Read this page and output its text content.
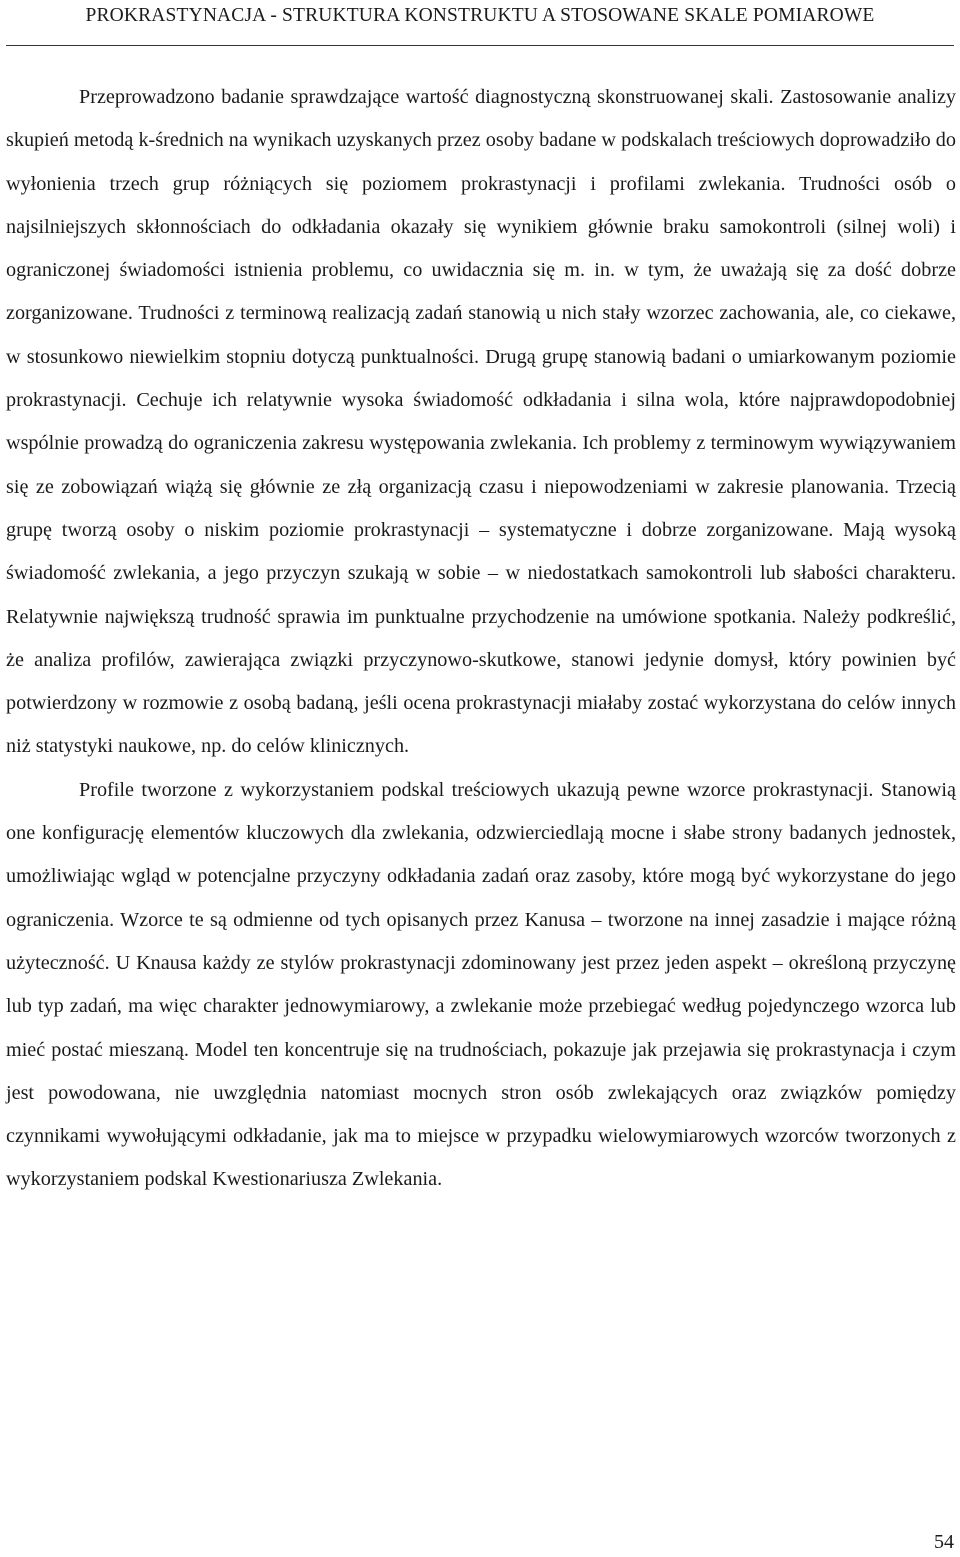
PROKRASTYNACJA - STRUKTURA KONSTRUKTU A STOSOWANE SKALE POMIAROWE

Przeprowadzono badanie sprawdzające wartość diagnostyczną skonstruowanej skali. Zastosowanie analizy skupień metodą k-średnich na wynikach uzyskanych przez osoby badane w podskalach treściowych doprowadziło do wyłonienia trzech grup różniących się poziomem prokrastynacji i profilami zwlekania. Trudności osób o najsilniejszych skłonnościach do odkładania okazały się wynikiem głównie braku samokontroli (silnej woli) i ograniczonej świadomości istnienia problemu, co uwidacznia się m. in. w tym, że uważają się za dość dobrze zorganizowane. Trudności z terminową realizacją zadań stanowią u nich stały wzorzec zachowania, ale, co ciekawe, w stosunkowo niewielkim stopniu dotyczą punktualności. Drugą grupę stanowią badani o umiarkowanym poziomie prokrastynacji. Cechuje ich relatywnie wysoka świadomość odkładania i silna wola, które najprawdopodobniej wspólnie prowadzą do ograniczenia zakresu występowania zwlekania. Ich problemy z terminowym wywiązywaniem się ze zobowiązań wiążą się głównie ze złą organizacją czasu i niepowodzeniami w zakresie planowania. Trzecią grupę tworzą osoby o niskim poziomie prokrastynacji – systematyczne i dobrze zorganizowane. Mają wysoką świadomość zwlekania, a jego przyczyn szukają w sobie – w niedostatkach samokontroli lub słabości charakteru. Relatywnie największą trudność sprawia im punktualne przychodzenie na umówione spotkania. Należy podkreślić, że analiza profilów, zawierająca związki przyczynowo-skutkowe, stanowi jedynie domysł, który powinien być potwierdzony w rozmowie z osobą badaną, jeśli ocena prokrastynacji miałaby zostać wykorzystana do celów innych niż statystyki naukowe, np. do celów klinicznych.

Profile tworzone z wykorzystaniem podskal treściowych ukazują pewne wzorce prokrastynacji. Stanowią one konfigurację elementów kluczowych dla zwlekania, odzwierciedlają mocne i słabe strony badanych jednostek, umożliwiając wgląd w potencjalne przyczyny odkładania zadań oraz zasoby, które mogą być wykorzystane do jego ograniczenia. Wzorce te są odmienne od tych opisanych przez Kanusa – tworzone na innej zasadzie i mające różną użyteczność. U Knausa każdy ze stylów prokrastynacji zdominowany jest przez jeden aspekt – określoną przyczynę lub typ zadań, ma więc charakter jednowymiarowy, a zwlekanie może przebiegać według pojedynczego wzorca lub mieć postać mieszaną. Model ten koncentruje się na trudnościach, pokazuje jak przejawia się prokrastynacja i czym jest powodowana, nie uwzględnia natomiast mocnych stron osób zwlekających oraz związków pomiędzy czynnikami wywołującymi odkładanie, jak ma to miejsce w przypadku wielowymiarowych wzorców tworzonych z wykorzystaniem podskal Kwestionariusza Zwlekania.

54
